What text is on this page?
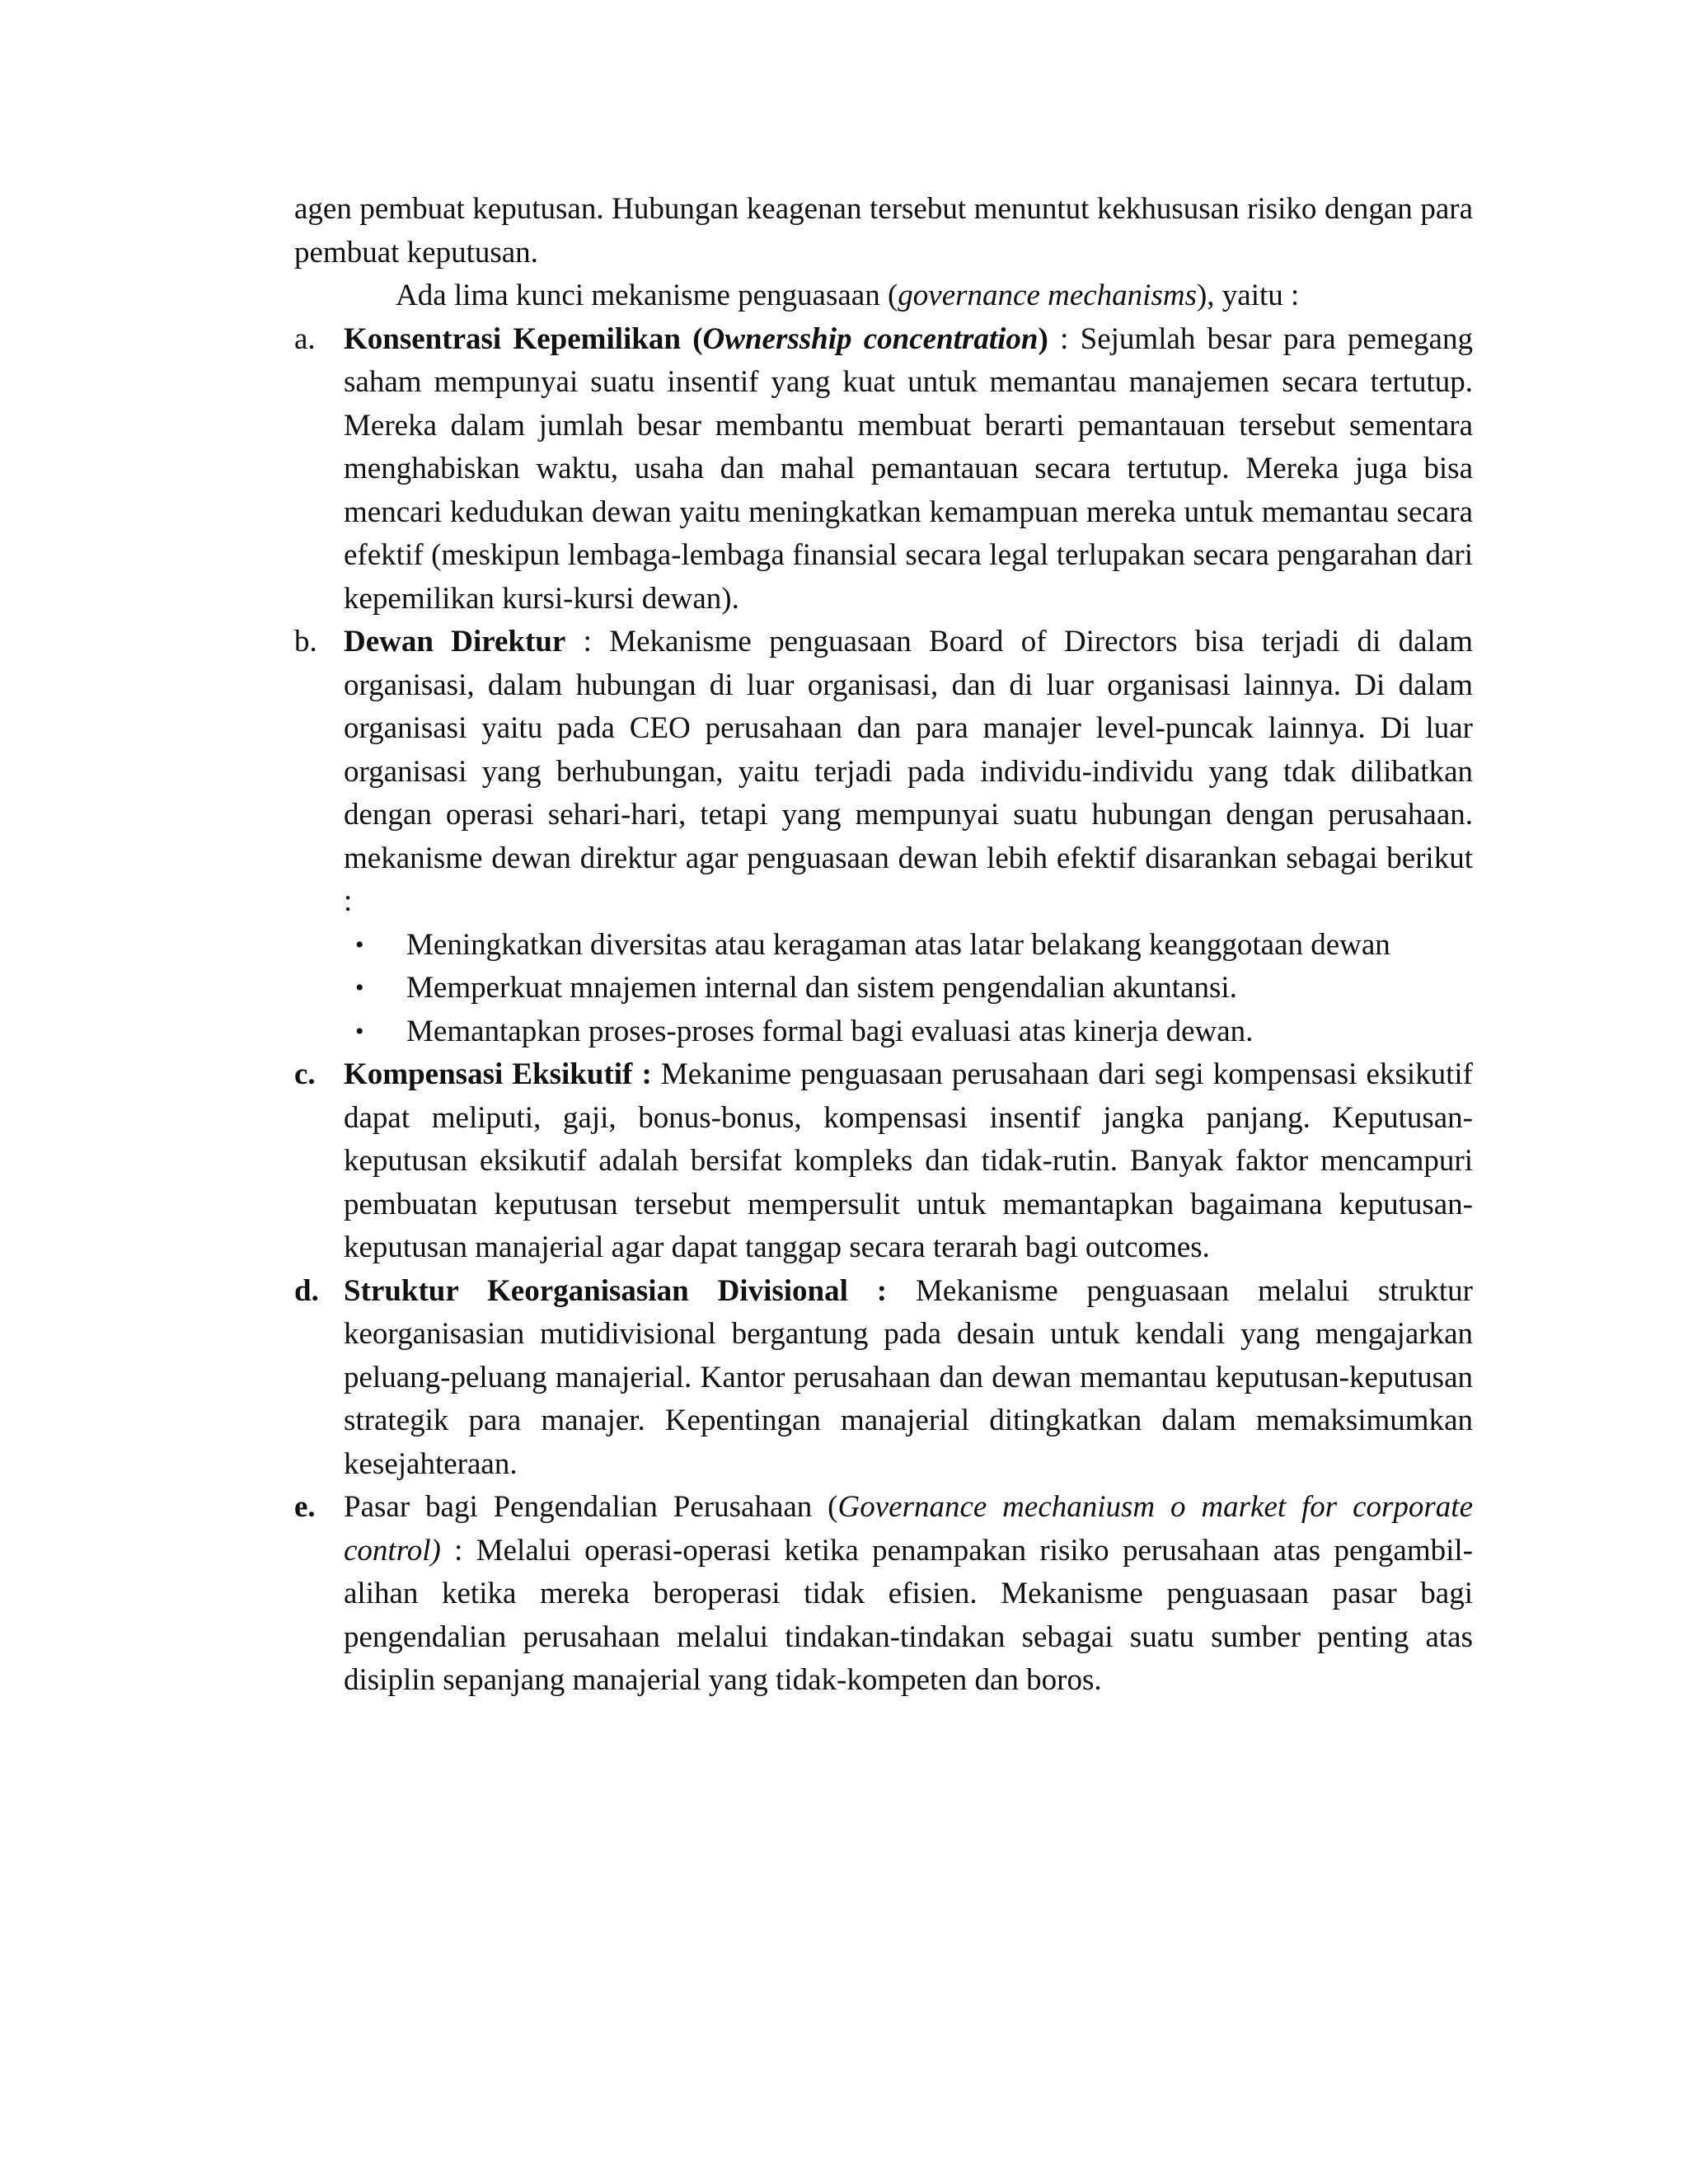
agen pembuat keputusan. Hubungan keagenan tersebut menuntut kekhususan risiko dengan para pembuat keputusan.

Ada lima kunci mekanisme penguasaan (governance mechanisms), yaitu :

a. Konsentrasi Kepemilikan (Ownersship concentration) : Sejumlah besar para pemegang saham mempunyai suatu insentif yang kuat untuk memantau manajemen secara tertutup. Mereka dalam jumlah besar membantu membuat berarti pemantauan tersebut sementara menghabiskan waktu, usaha dan mahal pemantauan secara tertutup. Mereka juga bisa mencari kedudukan dewan yaitu meningkatkan kemampuan mereka untuk memantau secara efektif (meskipun lembaga-lembaga finansial secara legal terlupakan secara pengarahan dari kepemilikan kursi-kursi dewan).
b. Dewan Direktur : Mekanisme penguasaan Board of Directors bisa terjadi di dalam organisasi, dalam hubungan di luar organisasi, dan di luar organisasi lainnya. Di dalam organisasi yaitu pada CEO perusahaan dan para manajer level-puncak lainnya. Di luar organisasi yang berhubungan, yaitu terjadi pada individu-individu yang tdak dilibatkan dengan operasi sehari-hari, tetapi yang mempunyai suatu hubungan dengan perusahaan. mekanisme dewan direktur agar penguasaan dewan lebih efektif disarankan sebagai berikut :
• Meningkatkan diversitas atau keragaman atas latar belakang keanggotaan dewan
• Memperkuat mnajemen internal dan sistem pengendalian akuntansi.
• Memantapkan proses-proses formal bagi evaluasi atas kinerja dewan.
c. Kompensasi Eksikutif : Mekanime penguasaan perusahaan dari segi kompensasi eksikutif dapat meliputi, gaji, bonus-bonus, kompensasi insentif jangka panjang. Keputusan-keputusan eksikutif adalah bersifat kompleks dan tidak-rutin. Banyak faktor mencampuri pembuatan keputusan tersebut mempersulit untuk memantapkan bagaimana keputusan-keputusan manajerial agar dapat tanggap secara terarah bagi outcomes.
d. Struktur Keorganisasian Divisional : Mekanisme penguasaan melalui struktur keorganisasian mutidivisional bergantung pada desain untuk kendali yang mengajarkan peluang-peluang manajerial. Kantor perusahaan dan dewan memantau keputusan-keputusan strategik para manajer. Kepentingan manajerial ditingkatkan dalam memaksimumkan kesejahteraan.
e. Pasar bagi Pengendalian Perusahaan (Governance mechaniusm o market for corporate control) : Melalui operasi-operasi ketika penampakan risiko perusahaan atas pengambil-alihan ketika mereka beroperasi tidak efisien. Mekanisme penguasaan pasar bagi pengendalian perusahaan melalui tindakan-tindakan sebagai suatu sumber penting atas disiplin sepanjang manajerial yang tidak-kompeten dan boros.
